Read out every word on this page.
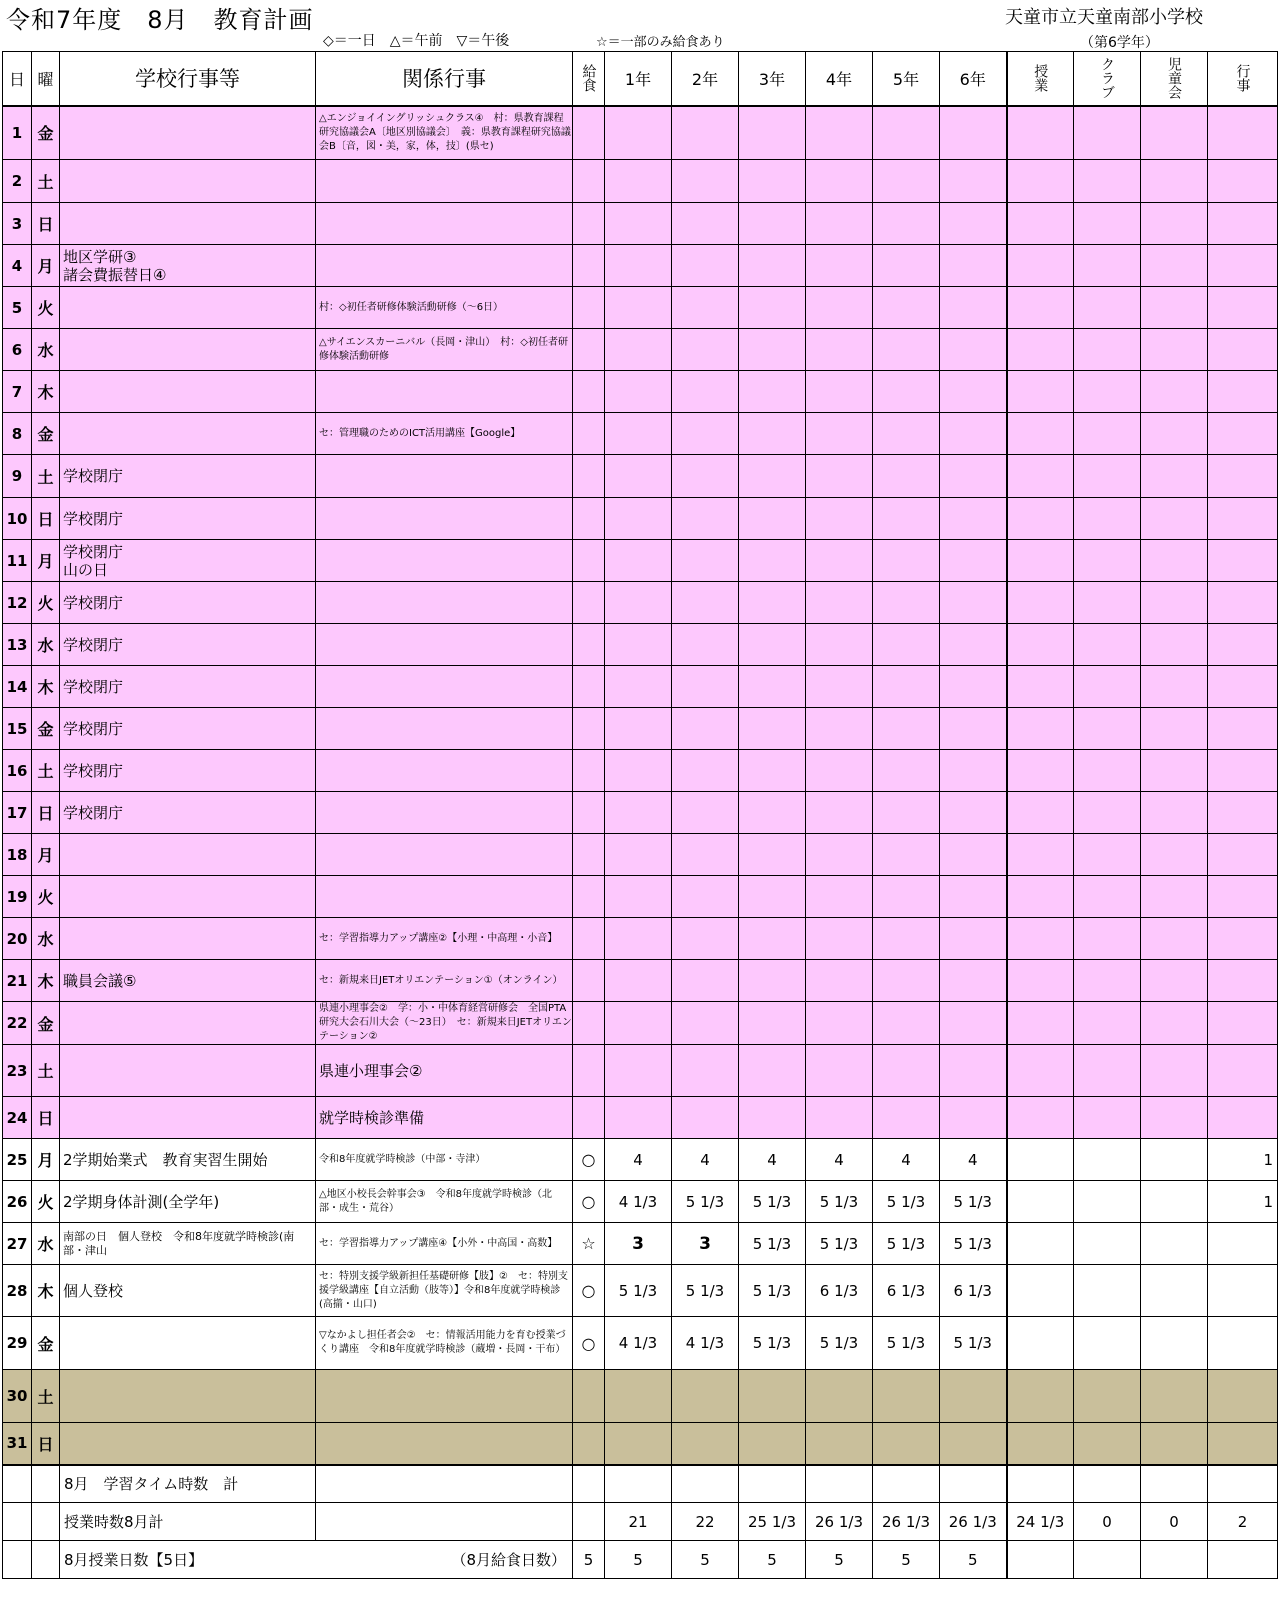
令和7年度　8月　教育計画	天童市立天童南部小学校
◇＝一日　△＝午前　▽＝午後	☆＝一部のみ給食あり	（第6学年）
日	曜	学校行事等	関係行事	給食	1年	2年	3年	4年	5年	6年	授業	クラブ	児童会	行事
1	金		△エンジョイイングリッシュクラス④　村：県教育課程研究協議会A〔地区別協議会〕　義：県教育課程研究協議会B〔音，図・美，家，体，技〕(県セ)											
2	土													
3	日													
4	月	地区学研③
諸会費振替日④												
5	火		村：◇初任者研修体験活動研修（～6日）											
6	水		△サイエンスカーニバル（長岡・津山）　村：◇初任者研修体験活動研修											
7	木													
8	金		セ：管理職のためのICT活用講座【Google】											
9	土	学校閉庁												
10	日	学校閉庁												
11	月	学校閉庁
山の日												
12	火	学校閉庁												
13	水	学校閉庁												
14	木	学校閉庁												
15	金	学校閉庁												
16	土	学校閉庁												
17	日	学校閉庁												
18	月													
19	火													
20	水		セ：学習指導力アップ講座②【小理・中高理・小音】											
21	木	職員会議⑤	セ：新規来日JETオリエンテーション①（オンライン）											
22	金		県連小理事会②　学：小・中体育経営研修会　全国PTA研究大会石川大会（～23日）　セ：新規来日JETオリエンテーション②											
23	土		県連小理事会②											
24	日		就学時検診準備											
25	月	2学期始業式　教育実習生開始	令和8年度就学時検診（中部・寺津）	○	4	4	4	4	4	4				1
26	火	2学期身体計測(全学年)	△地区小校長会幹事会③　令和8年度就学時検診（北部・成生・荒谷）	○	4 1/3	5 1/3	5 1/3	5 1/3	5 1/3	5 1/3				1
27	水	南部の日　個人登校　令和8年度就学時検診(南部・津山	セ：学習指導力アップ講座④【小外・中高国・高数】	☆	3	3	5 1/3	5 1/3	5 1/3	5 1/3				
28	木	個人登校	セ：特別支援学級新担任基礎研修【肢】②　セ：特別支援学級講座【自立活動（肢等）】令和8年度就学時検診(高擶・山口)	○	5 1/3	5 1/3	5 1/3	6 1/3	6 1/3	6 1/3				
29	金		▽なかよし担任者会②　セ：情報活用能力を育む授業づくり講座　令和8年度就学時検診（蔵増・長岡・干布）	○	4 1/3	4 1/3	5 1/3	5 1/3	5 1/3	5 1/3				
30	土													
31	日													
		8月　学習タイム時数　計												
		授業時数8月計			21	22	25 1/3	26 1/3	26 1/3	26 1/3	24 1/3	0	0	2

		8月授業日数【5日】 （8月給食日数）		5	5	5	5	5	5	5				
